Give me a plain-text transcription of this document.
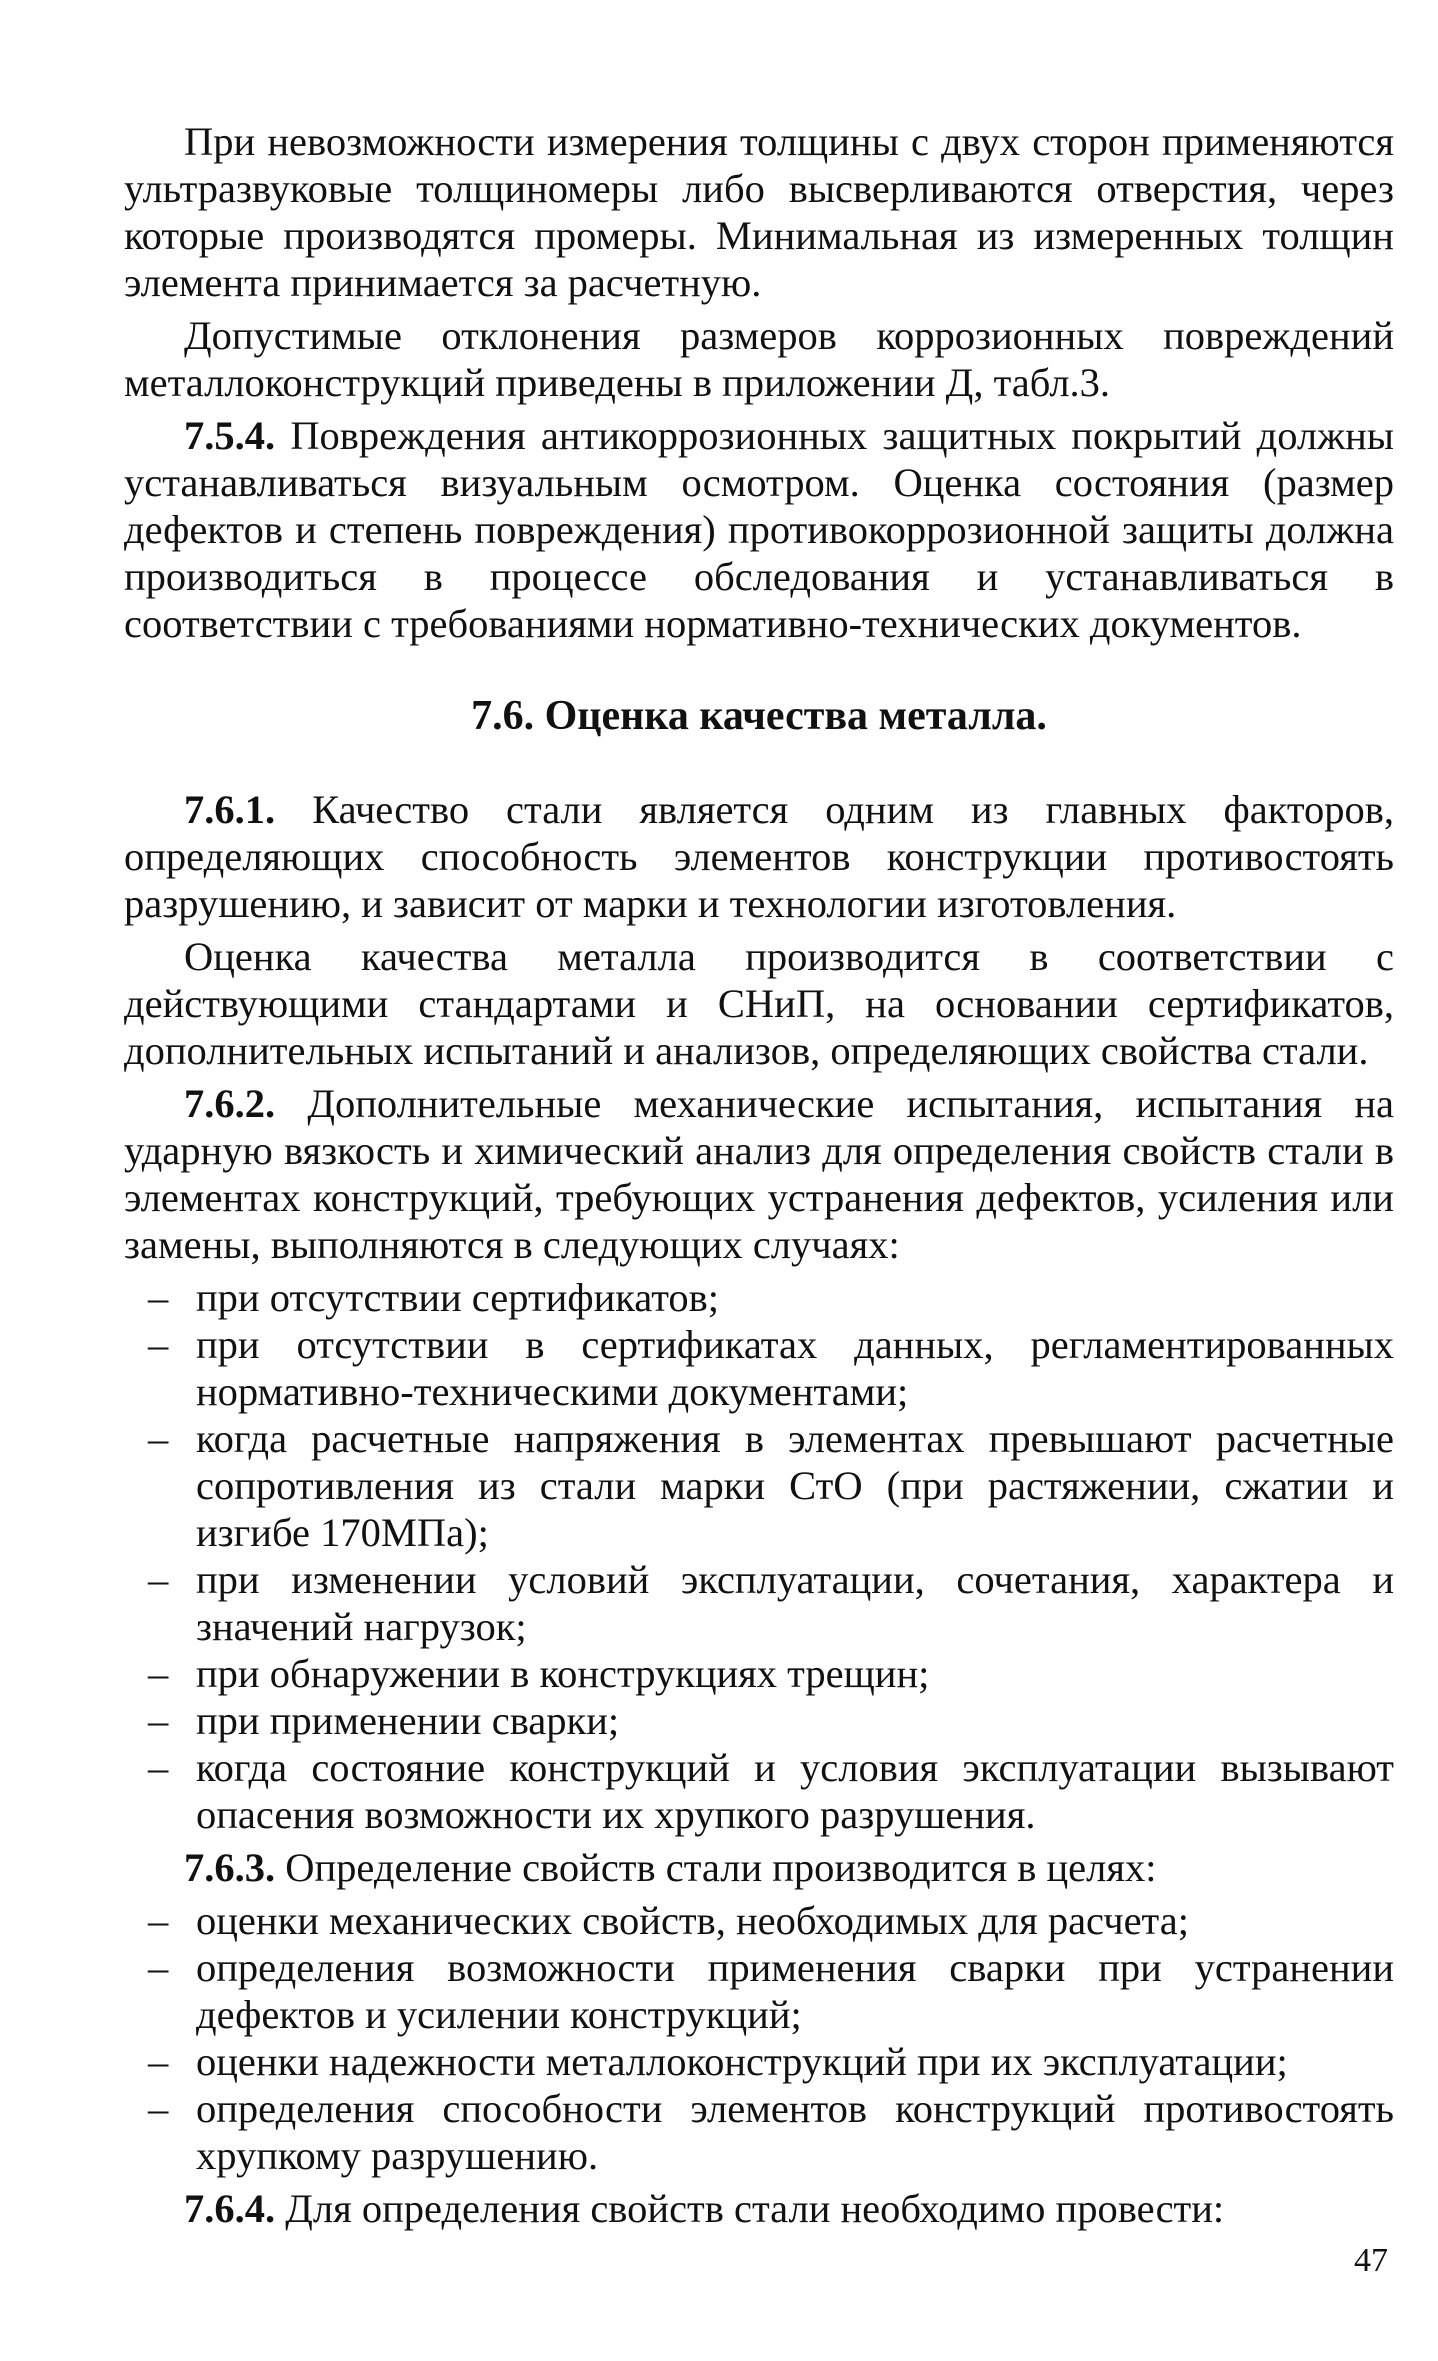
При невозможности измерения толщины с двух сторон применяются ультразвуковые толщиномеры либо высверливаются отверстия, через которые производятся промеры. Минимальная из измеренных толщин элемента принимается за расчетную.

Допустимые отклонения размеров коррозионных повреждений металлоконструкций приведены в приложении Д, табл.3.

7.5.4. Повреждения антикоррозионных защитных покрытий должны устанавливаться визуальным осмотром. Оценка состояния (размер дефектов и степень повреждения) противокоррозионной защиты должна производиться в процессе обследования и устанавливаться в соответствии с требованиями нормативно-технических документов.

7.6. Оценка качества металла.

7.6.1. Качество стали является одним из главных факторов, определяющих способность элементов конструкции противостоять разрушению, и зависит от марки и технологии изготовления.

Оценка качества металла производится в соответствии с действующими стандартами и СНиП, на основании сертификатов, дополнительных испытаний и анализов, определяющих свойства стали.

7.6.2. Дополнительные механические испытания, испытания на ударную вязкость и химический анализ для определения свойств стали в элементах конструкций, требующих устранения дефектов, усиления или замены, выполняются в следующих случаях:

– при отсутствии сертификатов;
– при отсутствии в сертификатах данных, регламентированных нормативно-техническими документами;
– когда расчетные напряжения в элементах превышают расчетные сопротивления из стали марки СтО (при растяжении, сжатии и изгибе 170МПа);
– при изменении условий эксплуатации, сочетания, характера и значений нагрузок;
– при обнаружении в конструкциях трещин;
– при применении сварки;
– когда состояние конструкций и условия эксплуатации вызывают опасения возможности их хрупкого разрушения.

7.6.3. Определение свойств стали производится в целях:

– оценки механических свойств, необходимых для расчета;
– определения возможности применения сварки при устранении дефектов и усилении конструкций;
– оценки надежности металлоконструкций при их эксплуатации;
– определения способности элементов конструкций противостоять хрупкому разрушению.

7.6.4. Для определения свойств стали необходимо провести:

47
